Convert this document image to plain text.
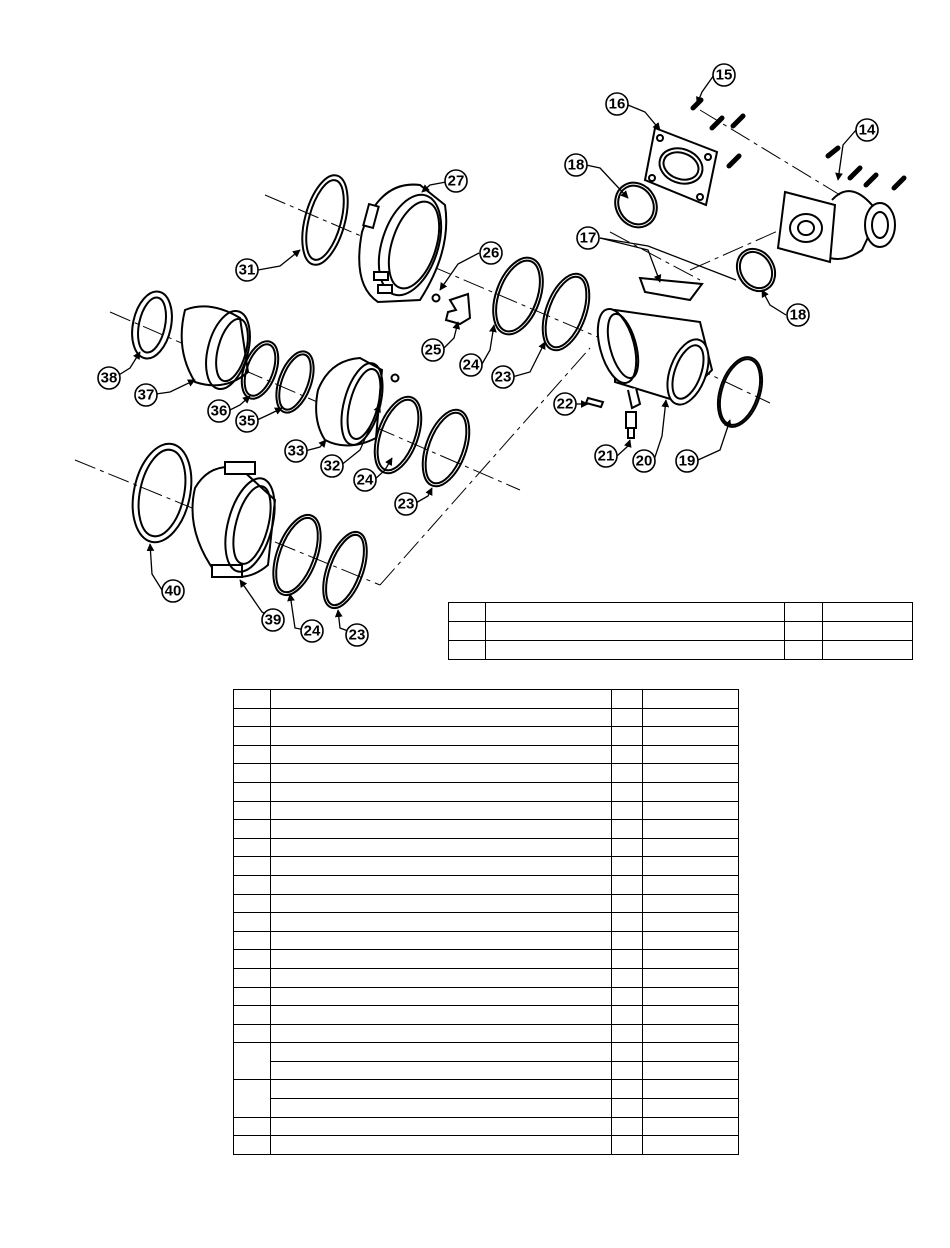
15
16
14
18
27
31
26
17
18
38
37
36
35
25
24
23
22
33
32
24
21 20 19
23
40
39
24 23
